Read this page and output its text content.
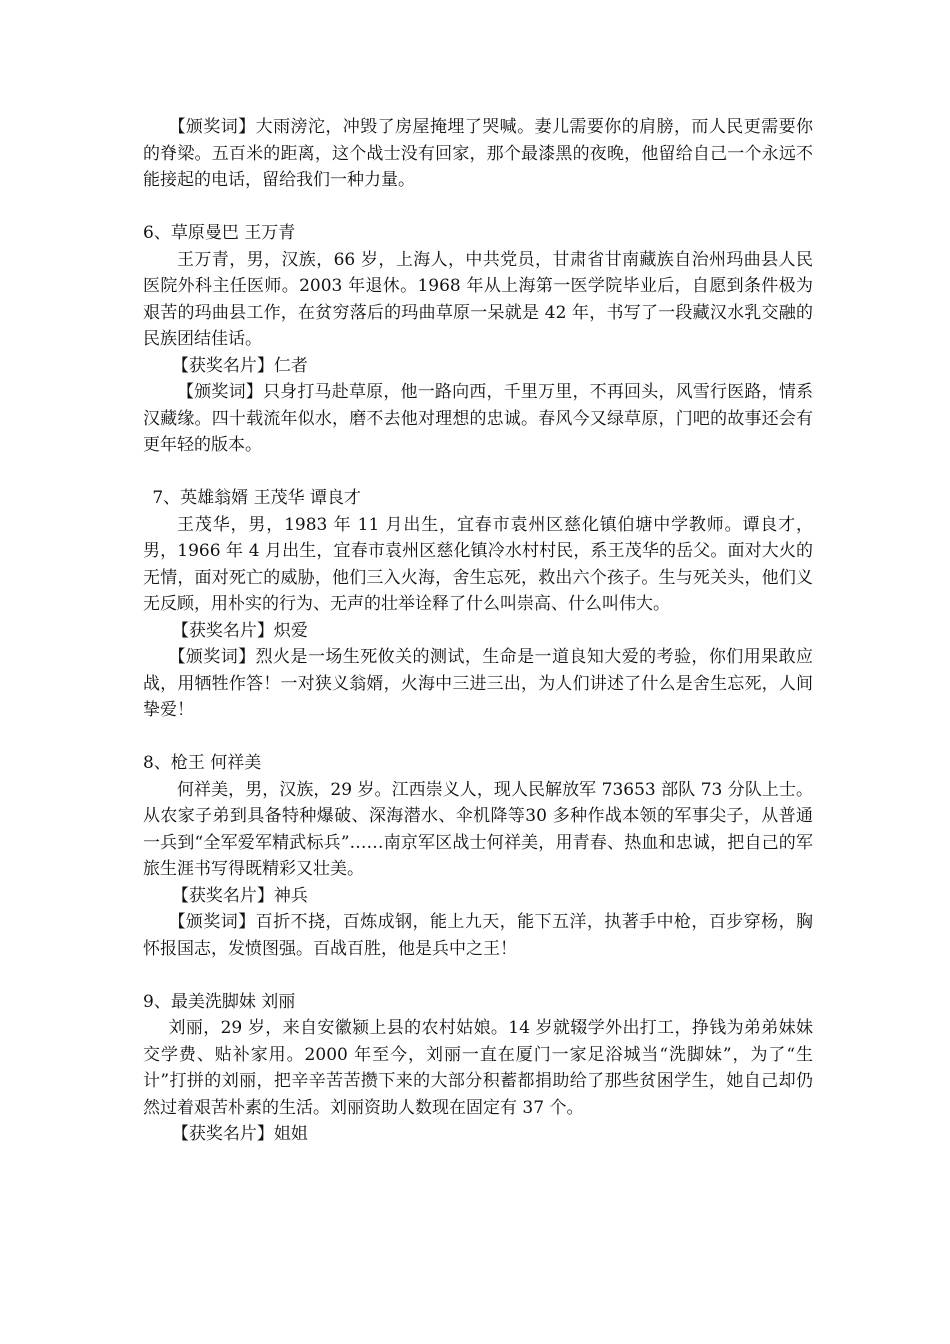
【颁奖词】大雨滂沱，冲毁了房屋掩埋了哭喊。妻儿需要你的肩膀，而人民更需要你的脊梁。五百米的距离，这个战士没有回家，那个最漆黑的夜晚，他留给自己一个永远不能接起的电话，留给我们一种力量。

6、草原曼巴 王万青

王万青，男，汉族，66 岁，上海人，中共党员，甘肃省甘南藏族自治州玛曲县人民医院外科主任医师。2003 年退休。1968 年从上海第一医学院毕业后，自愿到条件极为艰苦的玛曲县工作，在贫穷落后的玛曲草原一呆就是 42 年，书写了一段藏汉水乳交融的民族团结佳话。

【获奖名片】仁者

【颁奖词】只身打马赴草原，他一路向西，千里万里，不再回头，风雪行医路，情系汉藏缘。四十载流年似水，磨不去他对理想的忠诚。春风今又绿草原，门吧的故事还会有更年轻的版本。

7、英雄翁婿 王茂华 谭良才

王茂华，男，1983 年 11 月出生，宜春市袁州区慈化镇伯塘中学教师。谭良才，男，1966 年 4 月出生，宜春市袁州区慈化镇冷水村村民，系王茂华的岳父。面对大火的无情，面对死亡的威胁，他们三入火海，舍生忘死，救出六个孩子。生与死关头，他们义无反顾，用朴实的行为、无声的壮举诠释了什么叫崇高、什么叫伟大。

【获奖名片】炽爱

【颁奖词】烈火是一场生死攸关的测试，生命是一道良知大爱的考验，你们用果敢应战，用牺牲作答！一对狭义翁婿，火海中三进三出，为人们讲述了什么是舍生忘死，人间挚爱！

8、枪王 何祥美

何祥美，男，汉族，29 岁。江西崇义人，现人民解放军 73653 部队 73 分队上士。从农家子弟到具备特种爆破、深海潜水、伞机降等30 多种作战本领的军事尖子，从普通一兵到“全军爱军精武标兵”……南京军区战士何祥美，用青春、热血和忠诚，把自己的军旅生涯书写得既精彩又壮美。

【获奖名片】神兵

【颁奖词】百折不挠，百炼成钢，能上九天，能下五洋，执著手中枪，百步穿杨，胸怀报国志，发愤图强。百战百胜，他是兵中之王！

9、最美洗脚妹 刘丽

刘丽，29 岁，来自安徽颍上县的农村姑娘。14 岁就辍学外出打工，挣钱为弟弟妹妹交学费、贴补家用。2000 年至今，刘丽一直在厦门一家足浴城当“洗脚妹”，为了“生计”打拼的刘丽，把辛辛苦苦攒下来的大部分积蓄都捐助给了那些贫困学生，她自己却仍然过着艰苦朴素的生活。刘丽资助人数现在固定有 37 个。

【获奖名片】姐姐
